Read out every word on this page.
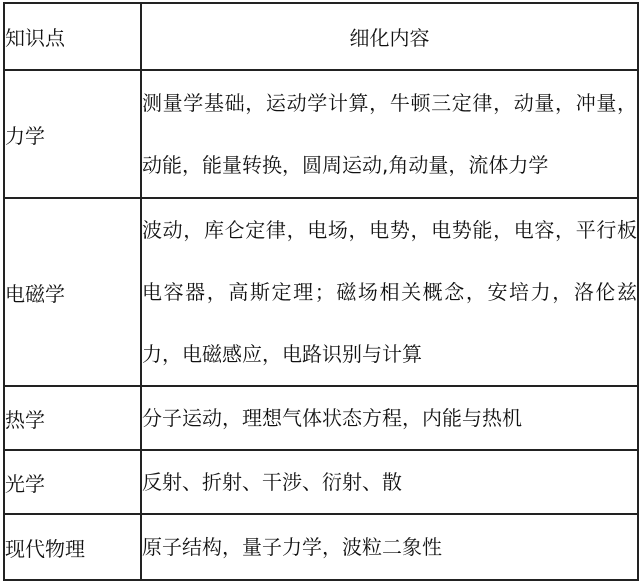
知识点	细化内容
力学	测量学基础，运动学计算，牛顿三定律，动量，冲量，动能，能量转换，圆周运动,角动量，流体力学
电磁学	波动，库仑定律，电场，电势，电势能，电容，平行板电容器，高斯定理；磁场相关概念，安培力，洛伦兹力，电磁感应，电路识别与计算
热学	分子运动，理想气体状态方程，内能与热机
光学	反射、折射、干涉、衍射、散
现代物理	原子结构，量子力学，波粒二象性
